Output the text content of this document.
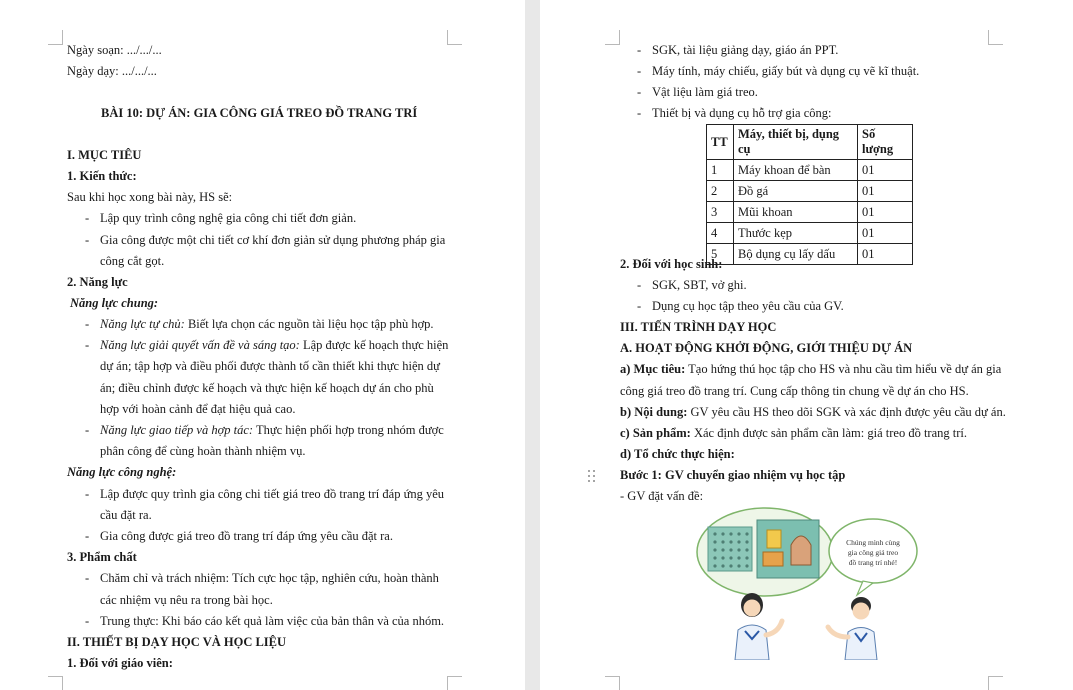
Ngày soạn: .../.../...
Ngày dạy: .../.../...
BÀI 10: DỰ ÁN: GIA CÔNG GIÁ TREO ĐỒ TRANG TRÍ
I. MỤC TIÊU
1. Kiến thức:
Sau khi học xong bài này, HS sẽ:
- Lập quy trình công nghệ gia công chi tiết đơn giản.
- Gia công được một chi tiết cơ khí đơn giản sử dụng phương pháp gia
công cắt gọt.
2. Năng lực
Năng lực chung:
- Năng lực tự chủ: Biết lựa chọn các nguồn tài liệu học tập phù hợp.
- Năng lực giải quyết vấn đề và sáng tạo: Lập được kế hoạch thực hiện
dự án; tập hợp và điều phối được thành tố cần thiết khi thực hiện dự
án; điều chỉnh được kế hoạch và thực hiện kế hoạch dự án cho phù
hợp với hoàn cảnh để đạt hiệu quả cao.
- Năng lực giao tiếp và hợp tác: Thực hiện phối hợp trong nhóm được
phân công để cùng hoàn thành nhiệm vụ.
Năng lực công nghệ:
- Lập được quy trình gia công chi tiết giá treo đồ trang trí đáp ứng yêu
cầu đặt ra.
- Gia công được giá treo đồ trang trí đáp ứng yêu cầu đặt ra.
3. Phẩm chất
- Chăm chỉ và trách nhiệm: Tích cực học tập, nghiên cứu, hoàn thành
các nhiệm vụ nêu ra trong bài học.
- Trung thực: Khi báo cáo kết quả làm việc của bản thân và của nhóm.
II. THIẾT BỊ DẠY HỌC VÀ HỌC LIỆU
1. Đối với giáo viên:
- SGK, tài liệu giảng dạy, giáo án PPT.
- Máy tính, máy chiếu, giấy bút và dụng cụ vẽ kĩ thuật.
- Vật liệu làm giá treo.
- Thiết bị và dụng cụ hỗ trợ gia công:
TT	Máy, thiết bị, dụng cụ	Số lượng
1	Máy khoan để bàn	01
2	Đồ gá	01
3	Mũi khoan	01
4	Thước kẹp	01
5	Bộ dụng cụ lấy dấu	01
2. Đối với học sinh:
- SGK, SBT, vở ghi.
- Dụng cụ học tập theo yêu cầu của GV.
III. TIẾN TRÌNH DẠY HỌC
A. HOẠT ĐỘNG KHỞI ĐỘNG, GIỚI THIỆU DỰ ÁN
a) Mục tiêu: Tạo hứng thú học tập cho HS và nhu cầu tìm hiểu về dự án gia
công giá treo đồ trang trí. Cung cấp thông tin chung về dự án cho HS.
b) Nội dung: GV yêu cầu HS theo dõi SGK và xác định được yêu cầu dự án.
c) Sản phẩm: Xác định được sản phẩm cần làm: giá treo đồ trang trí.
d) Tổ chức thực hiện:
Bước 1: GV chuyển giao nhiệm vụ học tập
- GV đặt vấn đề:
Chúng mình cùng
gia công giá treo
đồ trang trí nhé!
